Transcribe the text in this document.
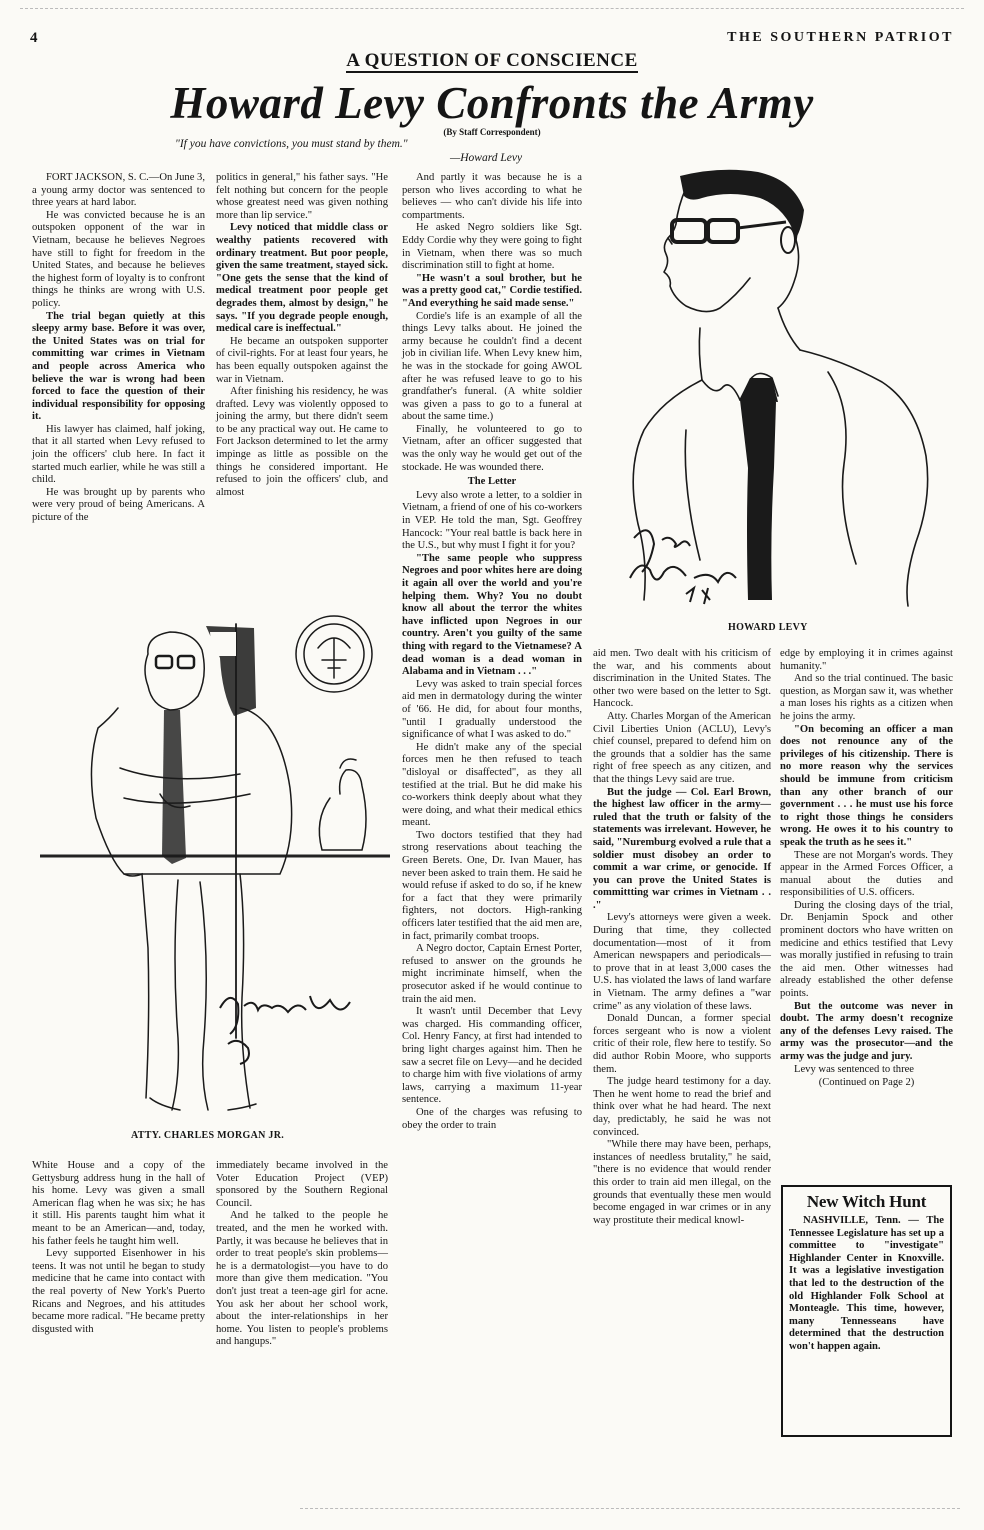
4	THE SOUTHERN PATRIOT
A QUESTION OF CONSCIENCE
Howard Levy Confronts the Army
(By Staff Correspondent)
"If you have convictions, you must stand by them."
—Howard Levy

FORT JACKSON, S. C.—On June 3, a young army doctor was sentenced to three years at hard labor.

He was convicted because he is an outspoken opponent of the war in Vietnam, because he believes Negroes have still to fight for freedom in the United States, and because he believes the highest form of loyalty is to confront things he thinks are wrong with U.S. policy.

The trial began quietly at this sleepy army base. Before it was over, the United States was on trial for committing war crimes in Vietnam and people across America who believe the war is wrong had been forced to face the question of their individual responsibility for opposing it.

His lawyer has claimed, half joking, that it all started when Levy refused to join the officers' club here. In fact it started much earlier, while he was still a child.

He was brought up by parents who were very proud of being Americans. A picture of the

politics in general," his father says. "He felt nothing but concern for the people whose greatest need was given nothing more than lip service."

Levy noticed that middle class or wealthy patients recovered with ordinary treatment. But poor people, given the same treatment, stayed sick. "One gets the sense that the kind of medical treatment poor people get degrades them, almost by design," he says. "If you degrade people enough, medical care is ineffectual."

He became an outspoken supporter of civil-rights. For at least four years, he has been equally outspoken against the war in Vietnam.

After finishing his residency, he was drafted. Levy was violently opposed to joining the army, but there didn't seem to be any practical way out. He came to Fort Jackson determined to let the army impinge as little as possible on the things he considered important. He refused to join the officers' club, and almost

And partly it was because he is a person who lives according to what he believes — who can't divide his life into compartments.

He asked Negro soldiers like Sgt. Eddy Cordie why they were going to fight in Vietnam, when there was so much discrimination still to fight at home.

"He wasn't a soul brother, but he was a pretty good cat," Cordie testified. "And everything he said made sense."

Cordie's life is an example of all the things Levy talks about. He joined the army because he couldn't find a decent job in civilian life. When Levy knew him, he was in the stockade for going AWOL after he was refused leave to go to his grandfather's funeral. (A white soldier was given a pass to go to a funeral at about the same time.)

Finally, he volunteered to go to Vietnam, after an officer suggested that was the only way he would get out of the stockade. He was wounded there.

The Letter

Levy also wrote a letter, to a soldier in Vietnam, a friend of one of his co-workers in VEP. He told the man, Sgt. Geoffrey Hancock: "Your real battle is back here in the U.S., but why must I fight it for you?

"The same people who suppress Negroes and poor whites here are doing it again all over the world and you're helping them. Why? You no doubt know all about the terror the whites have inflicted upon Negroes in our country. Aren't you guilty of the same thing with regard to the Vietnamese? A dead woman is a dead woman in Alabama and in Vietnam . . ."

Levy was asked to train special forces aid men in dermatology during the winter of '66. He did, for about four months, "until I gradually understood the significance of what I was asked to do."

He didn't make any of the special forces men he then refused to teach "disloyal or disaffected", as they all testified at the trial. But he did make his co-workers think deeply about what they were doing, and what their medical ethics meant.

Two doctors testified that they had strong reservations about teaching the Green Berets. One, Dr. Ivan Mauer, has never been asked to train them. He said he would refuse if asked to do so, if he knew for a fact that they were primarily fighters, not doctors. High-ranking officers later testified that the aid men are, in fact, primarily combat troops.

A Negro doctor, Captain Ernest Porter, refused to answer on the grounds he might incriminate himself, when the prosecutor asked if he would continue to train the aid men.

It wasn't until December that Levy was charged. His commanding officer, Col. Henry Fancy, at first had intended to bring light charges against him. Then he saw a secret file on Levy—and he decided to charge him with five violations of army laws, carrying a maximum 11-year sentence.

One of the charges was refusing to obey the order to train

White House and a copy of the Gettysburg address hung in the hall of his home. Levy was given a small American flag when he was six; he has it still. His parents taught him what it meant to be an American—and, today, his father feels he taught him well.

Levy supported Eisenhower in his teens. It was not until he began to study medicine that he came into contact with the real poverty of New York's Puerto Ricans and Negroes, and his attitudes became more radical. "He became pretty disgusted with

immediately became involved in the Voter Education Project (VEP) sponsored by the Southern Regional Council.

And he talked to the people he treated, and the men he worked with. Partly, it was because he believes that in order to treat people's skin problems—he is a dermatologist—you have to do more than give them medication. "You don't just treat a teen-age girl for acne. You ask her about her school work, about the inter-relationships in her home. You listen to people's problems and hangups."

aid men. Two dealt with his criticism of the war, and his comments about discrimination in the United States. The other two were based on the letter to Sgt. Hancock.

Atty. Charles Morgan of the American Civil Liberties Union (ACLU), Levy's chief counsel, prepared to defend him on the grounds that a soldier has the same right of free speech as any citizen, and that the things Levy said are true.

But the judge — Col. Earl Brown, the highest law officer in the army—ruled that the truth or falsity of the statements was irrelevant. However, he said, "Nuremburg evolved a rule that a soldier must disobey an order to commit a war crime, or genocide. If you can prove the United States is committting war crimes in Vietnam . . ."

Levy's attorneys were given a week. During that time, they collected documentation—most of it from American newspapers and periodicals—to prove that in at least 3,000 cases the U.S. has violated the laws of land warfare in Vietnam. The army defines a "war crime" as any violation of these laws.

Donald Duncan, a former special forces sergeant who is now a violent critic of their role, flew here to testify. So did author Robin Moore, who supports them.

The judge heard testimony for a day. Then he went home to read the brief and think over what he had heard. The next day, predictably, he said he was not convinced.

"While there may have been, perhaps, instances of needless brutality," he said, "there is no evidence that would render this order to train aid men illegal, on the grounds that eventually these men would become engaged in war crimes or in any way prostitute their medical knowl-

edge by employing it in crimes against humanity."

And so the trial continued. The basic question, as Morgan saw it, was whether a man loses his rights as a citizen when he joins the army.

"On becoming an officer a man does not renounce any of the privileges of his citizenship. There is no more reason why the services should be immune from criticism than any other branch of our government . . . he must use his force to right those things he considers wrong. He owes it to his country to speak the truth as he sees it."

These are not Morgan's words. They appear in the Armed Forces Officer, a manual about the duties and responsibilities of U.S. officers.

During the closing days of the trial, Dr. Benjamin Spock and other prominent doctors who have written on medicine and ethics testified that Levy was morally justified in refusing to train the aid men. Other witnesses had already established the other defense points.

But the outcome was never in doubt. The army doesn't recognize any of the defenses Levy raised. The army was the prosecutor—and the army was the judge and jury.

Levy was sentenced to three

(Continued on Page 2)

HOWARD LEVY
ATTY. CHARLES MORGAN JR.
New Witch Hunt

NASHVILLE, Tenn. — The Tennessee Legislature has set up a committee to "investigate" Highlander Center in Knoxville. It was a legislative investigation that led to the destruction of the old Highlander Folk School at Monteagle. This time, however, many Tennesseans have determined that the destruction won't happen again.
